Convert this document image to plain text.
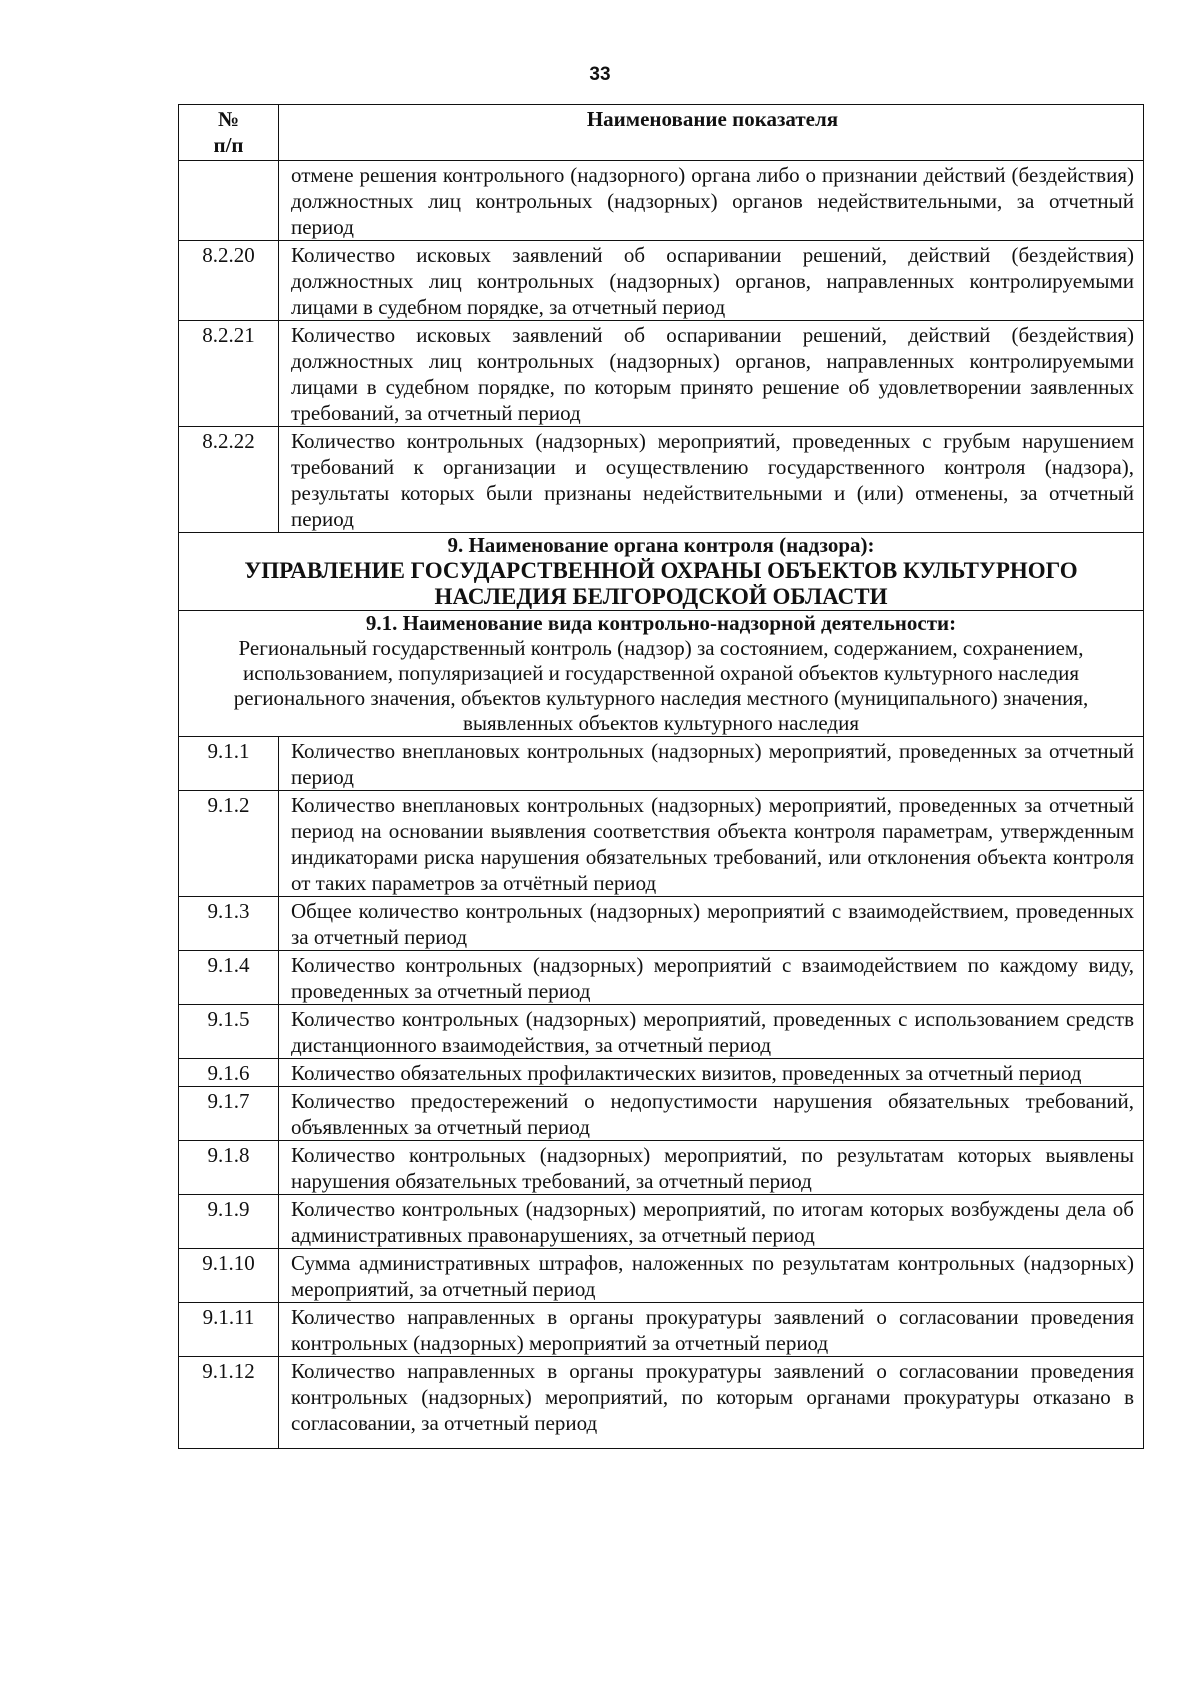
33
№
п/п	Наименование показателя
	отмене решения контрольного (надзорного) органа либо о признании действий (бездействия) должностных лиц контрольных (надзорных) органов недействительными, за отчетный период
8.2.20	Количество исковых заявлений об оспаривании решений, действий (бездействия) должностных лиц контрольных (надзорных) органов, направленных контролируемыми лицами в судебном порядке, за отчетный период
8.2.21	Количество исковых заявлений об оспаривании решений, действий (бездействия) должностных лиц контрольных (надзорных) органов, направленных контролируемыми лицами в судебном порядке, по которым принято решение об удовлетворении заявленных требований, за отчетный период
8.2.22	Количество контрольных (надзорных) мероприятий, проведенных с грубым нарушением требований к организации и осуществлению государственного контроля (надзора), результаты которых были признаны недействительными и (или) отменены, за отчетный период

9. Наименование органа контроля (надзора):
УПРАВЛЕНИЕ ГОСУДАРСТВЕННОЙ ОХРАНЫ ОБЪЕКТОВ КУЛЬТУРНОГО НАСЛЕДИЯ БЕЛГОРОДСКОЙ ОБЛАСТИ	

9.1. Наименование вида контрольно-надзорной деятельности:
Региональный государственный контроль (надзор) за состоянием, содержанием, сохранением, использованием, популяризацией и государственной охраной объектов культурного наследия регионального значения, объектов культурного наследия местного (муниципального) значения, выявленных объектов культурного наследия	

9.1.1	Количество внеплановых контрольных (надзорных) мероприятий, проведенных за отчетный период
9.1.2	Количество внеплановых контрольных (надзорных) мероприятий, проведенных за отчетный период на основании выявления соответствия объекта контроля параметрам, утвержденным индикаторами риска нарушения обязательных требований, или отклонения объекта контроля от таких параметров за отчётный период
9.1.3	Общее количество контрольных (надзорных) мероприятий с взаимодействием, проведенных за отчетный период
9.1.4	Количество контрольных (надзорных) мероприятий с взаимодействием по каждому виду, проведенных за отчетный период
9.1.5	Количество контрольных (надзорных) мероприятий, проведенных с использованием средств дистанционного взаимодействия, за отчетный период
9.1.6	Количество обязательных профилактических визитов, проведенных за отчетный период
9.1.7	Количество предостережений о недопустимости нарушения обязательных требований, объявленных за отчетный период
9.1.8	Количество контрольных (надзорных) мероприятий, по результатам которых выявлены нарушения обязательных требований, за отчетный период
9.1.9	Количество контрольных (надзорных) мероприятий, по итогам которых возбуждены дела об административных правонарушениях, за отчетный период
9.1.10	Сумма административных штрафов, наложенных по результатам контрольных (надзорных) мероприятий, за отчетный период
9.1.11	Количество направленных в органы прокуратуры заявлений о согласовании проведения контрольных (надзорных) мероприятий за отчетный период
9.1.12	Количество направленных в органы прокуратуры заявлений о согласовании проведения контрольных (надзорных) мероприятий, по которым органами прокуратуры отказано в согласовании, за отчетный период
